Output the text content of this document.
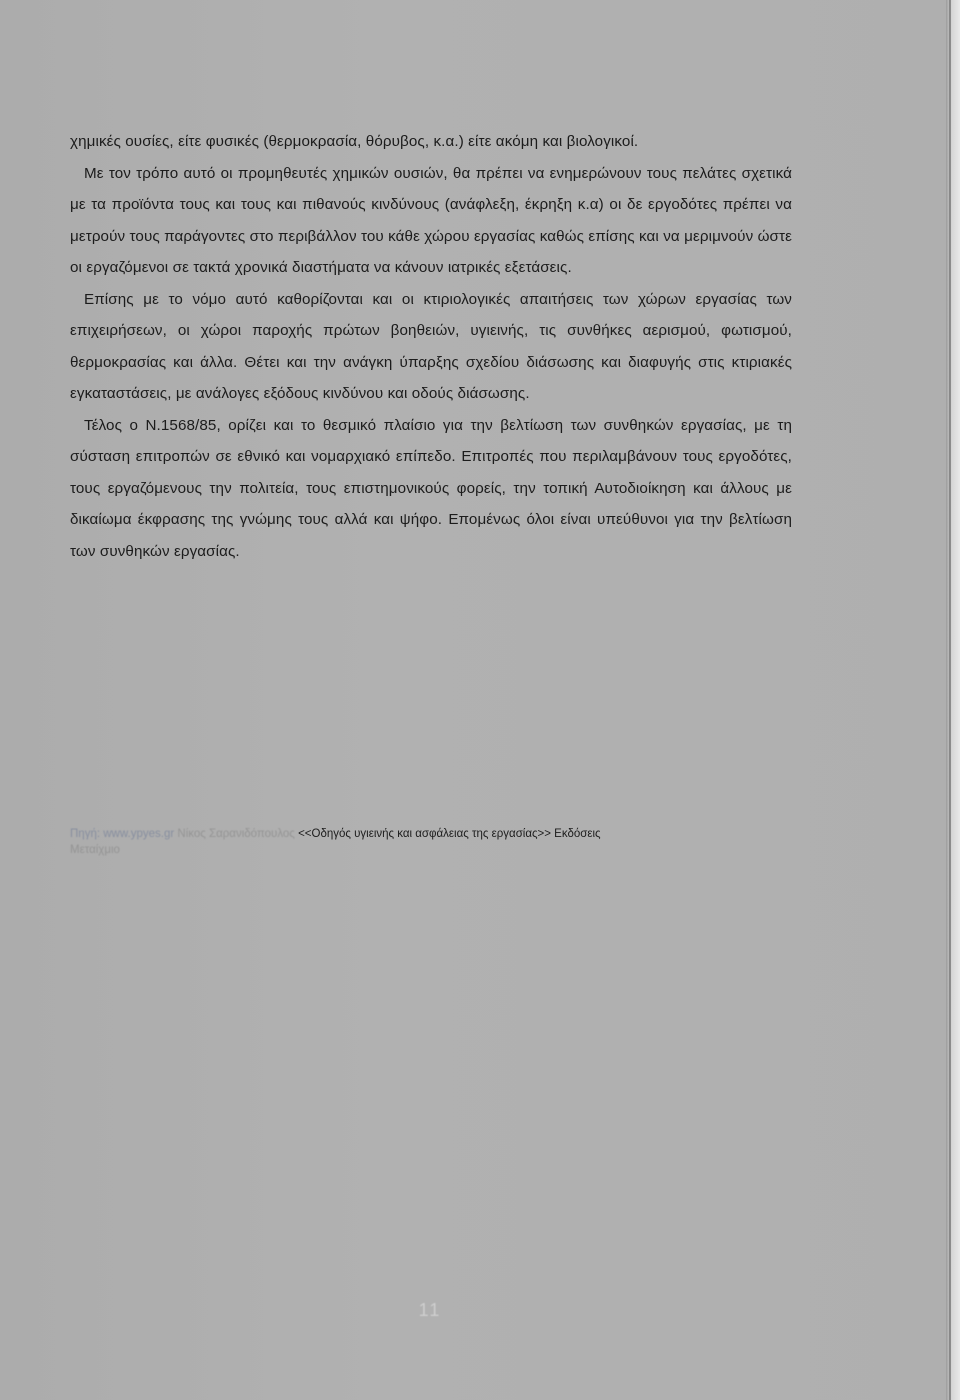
χημικές ουσίες, είτε φυσικές (θερμοκρασία, θόρυβος, κ.α.) είτε ακόμη και βιολογικοί.

Με τον τρόπο αυτό οι προμηθευτές χημικών ουσιών, θα πρέπει να ενημερώνουν τους πελάτες σχετικά με τα προϊόντα τους και τους και πιθανούς κινδύνους (ανάφλεξη, έκρηξη κ.α) οι δε εργοδότες πρέπει να μετρούν τους παράγοντες στο περιβάλλον του κάθε χώρου εργασίας καθώς επίσης και να μεριμνούν ώστε οι εργαζόμενοι σε τακτά χρονικά διαστήματα να κάνουν ιατρικές εξετάσεις.

Επίσης με το νόμο αυτό καθορίζονται και οι κτιριολογικές απαιτήσεις των χώρων εργασίας των επιχειρήσεων, οι χώροι παροχής πρώτων βοηθειών, υγιεινής, τις συνθήκες αερισμού, φωτισμού, θερμοκρασίας και άλλα. Θέτει και την ανάγκη ύπαρξης σχεδίου διάσωσης και διαφυγής στις κτιριακές εγκαταστάσεις, με ανάλογες εξόδους κινδύνου και οδούς διάσωσης.

Τέλος ο Ν.1568/85, ορίζει και το θεσμικό πλαίσιο για την βελτίωση των συνθηκών εργασίας, με τη σύσταση επιτροπών σε εθνικό και νομαρχιακό επίπεδο. Επιτροπές που περιλαμβάνουν τους εργοδότες, τους εργαζόμενους την πολιτεία, τους επιστημονικούς φορείς, την τοπική Αυτοδιοίκηση και άλλους με δικαίωμα έκφρασης της γνώμης τους αλλά και ψήφο. Επομένως όλοι είναι υπεύθυνοι για την βελτίωση των συνθηκών εργασίας.

Πηγή: www.ypyes.gr Νίκος Σαρανιδόπουλος <<Οδηγός υγιεινής και ασφάλειας της εργασίας>> Εκδόσεις
Μεταίχμιο
11
